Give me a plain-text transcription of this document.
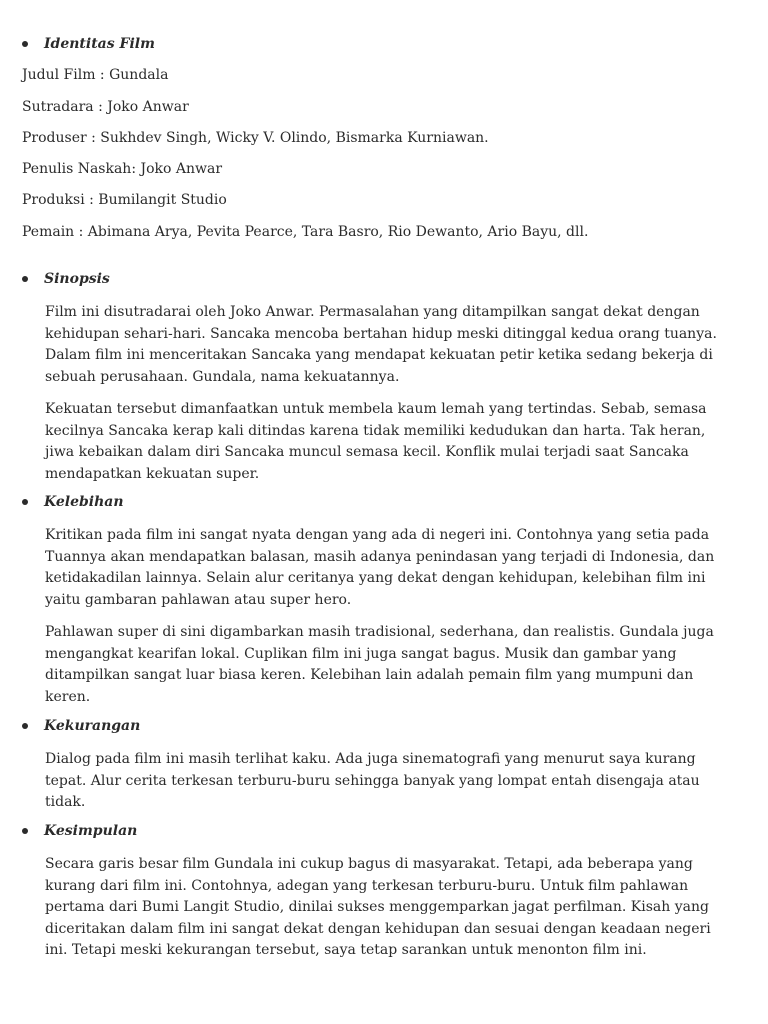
Identitas Film
Judul Film : Gundala
Sutradara : Joko Anwar
Produser : Sukhdev Singh, Wicky V. Olindo, Bismarka Kurniawan.
Penulis Naskah: Joko Anwar
Produksi : Bumilangit Studio
Pemain : Abimana Arya, Pevita Pearce, Tara Basro, Rio Dewanto, Ario Bayu, dll.
Sinopsis

Film ini disutradarai oleh Joko Anwar. Permasalahan yang ditampilkan sangat dekat dengan kehidupan sehari-hari. Sancaka mencoba bertahan hidup meski ditinggal kedua orang tuanya. Dalam film ini menceritakan Sancaka yang mendapat kekuatan petir ketika sedang bekerja di sebuah perusahaan. Gundala, nama kekuatannya.

Kekuatan tersebut dimanfaatkan untuk membela kaum lemah yang tertindas. Sebab, semasa kecilnya Sancaka kerap kali ditindas karena tidak memiliki kedudukan dan harta. Tak heran, jiwa kebaikan dalam diri Sancaka muncul semasa kecil. Konflik mulai terjadi saat Sancaka mendapatkan kekuatan super.

Kelebihan

Kritikan pada film ini sangat nyata dengan yang ada di negeri ini. Contohnya yang setia pada Tuannya akan mendapatkan balasan, masih adanya penindasan yang terjadi di Indonesia, dan ketidakadilan lainnya. Selain alur ceritanya yang dekat dengan kehidupan, kelebihan film ini yaitu gambaran pahlawan atau super hero.

Pahlawan super di sini digambarkan masih tradisional, sederhana, dan realistis. Gundala juga mengangkat kearifan lokal. Cuplikan film ini juga sangat bagus. Musik dan gambar yang ditampilkan sangat luar biasa keren. Kelebihan lain adalah pemain film yang mumpuni dan keren.

Kekurangan

Dialog pada film ini masih terlihat kaku. Ada juga sinematografi yang menurut saya kurang tepat. Alur cerita terkesan terburu-buru sehingga banyak yang lompat entah disengaja atau tidak.

Kesimpulan

Secara garis besar film Gundala ini cukup bagus di masyarakat. Tetapi, ada beberapa yang kurang dari film ini. Contohnya, adegan yang terkesan terburu-buru. Untuk film pahlawan pertama dari Bumi Langit Studio, dinilai sukses menggemparkan jagat perfilman. Kisah yang diceritakan dalam film ini sangat dekat dengan kehidupan dan sesuai dengan keadaan negeri ini. Tetapi meski kekurangan tersebut, saya tetap sarankan untuk menonton film ini.
